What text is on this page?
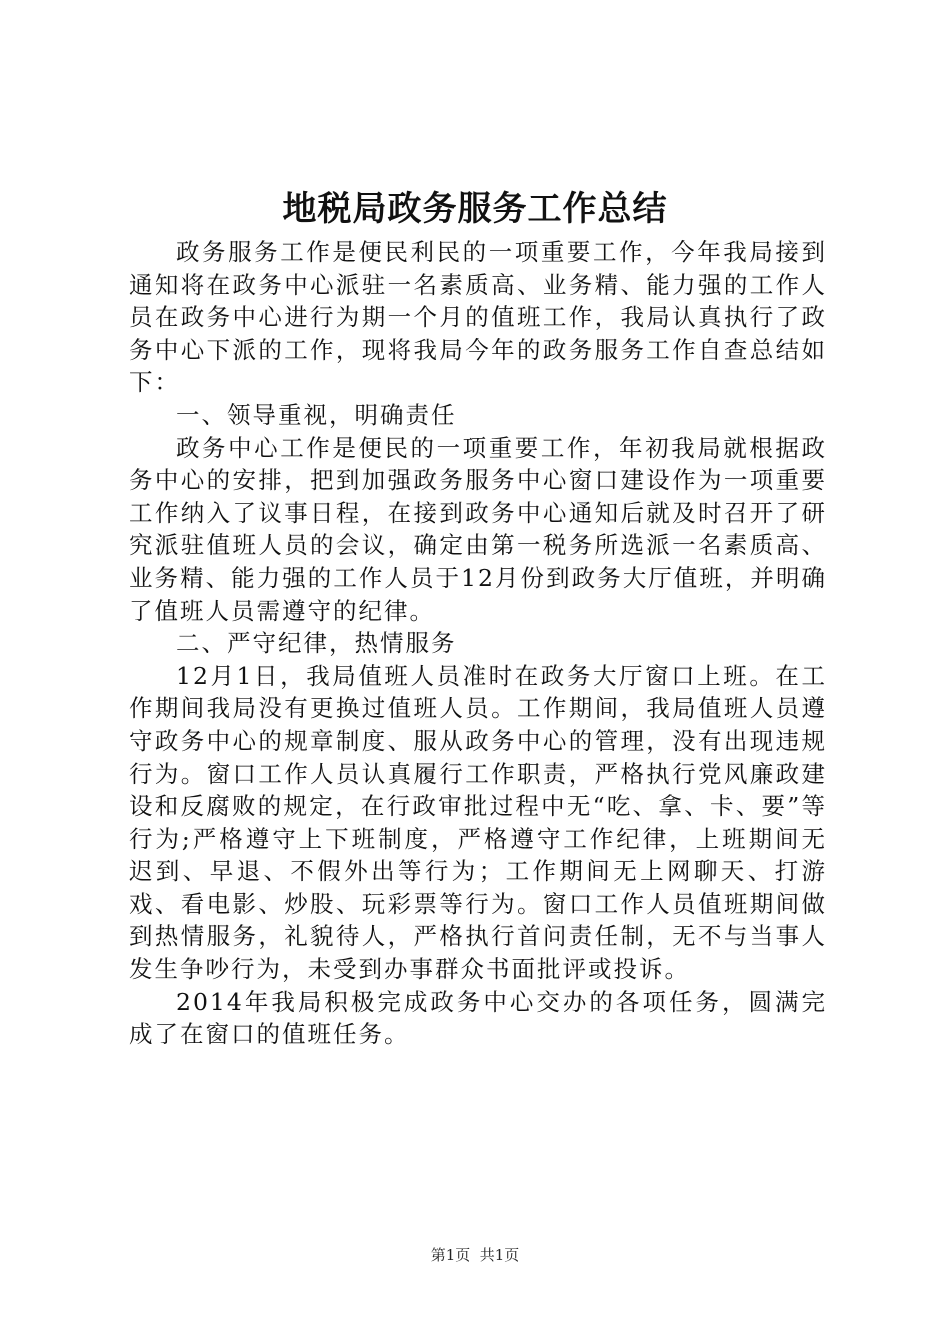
地税局政务服务工作总结

政务服务工作是便民利民的一项重要工作，今年我局接到通知将在政务中心派驻一名素质高、业务精、能力强的工作人员在政务中心进行为期一个月的值班工作，我局认真执行了政务中心下派的工作，现将我局今年的政务服务工作自查总结如下：

一、领导重视，明确责任

政务中心工作是便民的一项重要工作，年初我局就根据政务中心的安排，把到加强政务服务中心窗口建设作为一项重要工作纳入了议事日程，在接到政务中心通知后就及时召开了研究派驻值班人员的会议，确定由第一税务所选派一名素质高、业务精、能力强的工作人员于12月份到政务大厅值班，并明确了值班人员需遵守的纪律。

二、严守纪律，热情服务

12月1日，我局值班人员准时在政务大厅窗口上班。在工作期间我局没有更换过值班人员。工作期间，我局值班人员遵守政务中心的规章制度、服从政务中心的管理，没有出现违规行为。窗口工作人员认真履行工作职责，严格执行党风廉政建设和反腐败的规定，在行政审批过程中无“吃、拿、卡、要”等行为;严格遵守上下班制度，严格遵守工作纪律，上班期间无迟到、早退、不假外出等行为；工作期间无上网聊天、打游戏、看电影、炒股、玩彩票等行为。窗口工作人员值班期间做到热情服务，礼貌待人，严格执行首问责任制，无不与当事人发生争吵行为，未受到办事群众书面批评或投诉。

2014年我局积极完成政务中心交办的各项任务，圆满完成了在窗口的值班任务。

第1页  共1页
